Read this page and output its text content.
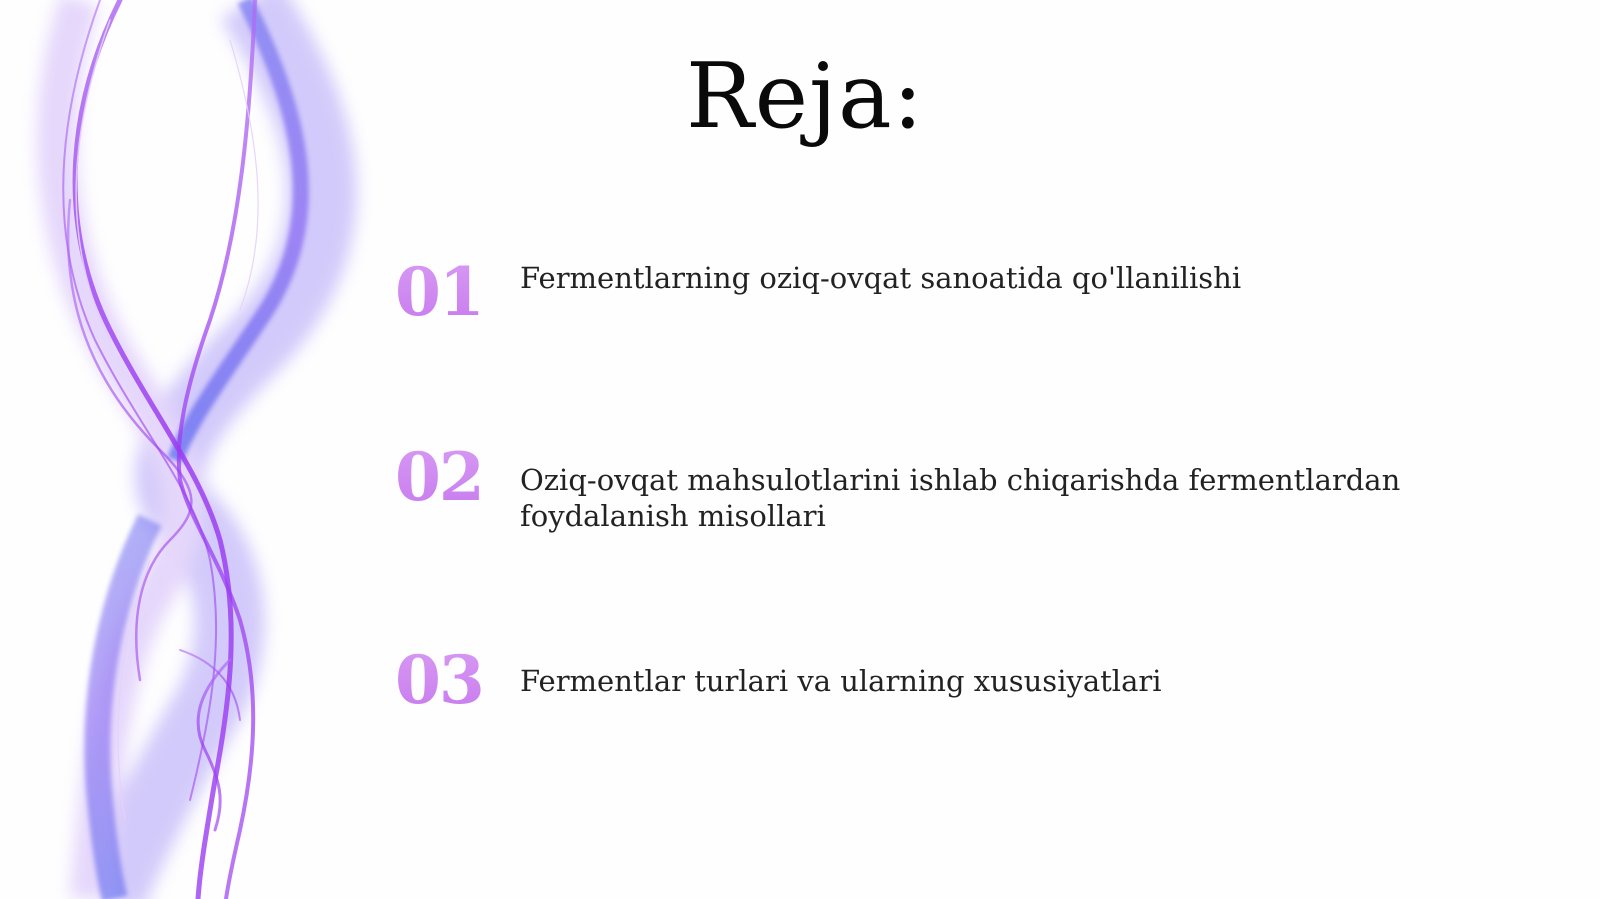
Reja:
01 Fermentlarning oziq-ovqat sanoatida qo'llanilishi
02 Oziq-ovqat mahsulotlarini ishlab chiqarishda fermentlardan foydalanish misollari
03 Fermentlar turlari va ularning xususiyatlari
